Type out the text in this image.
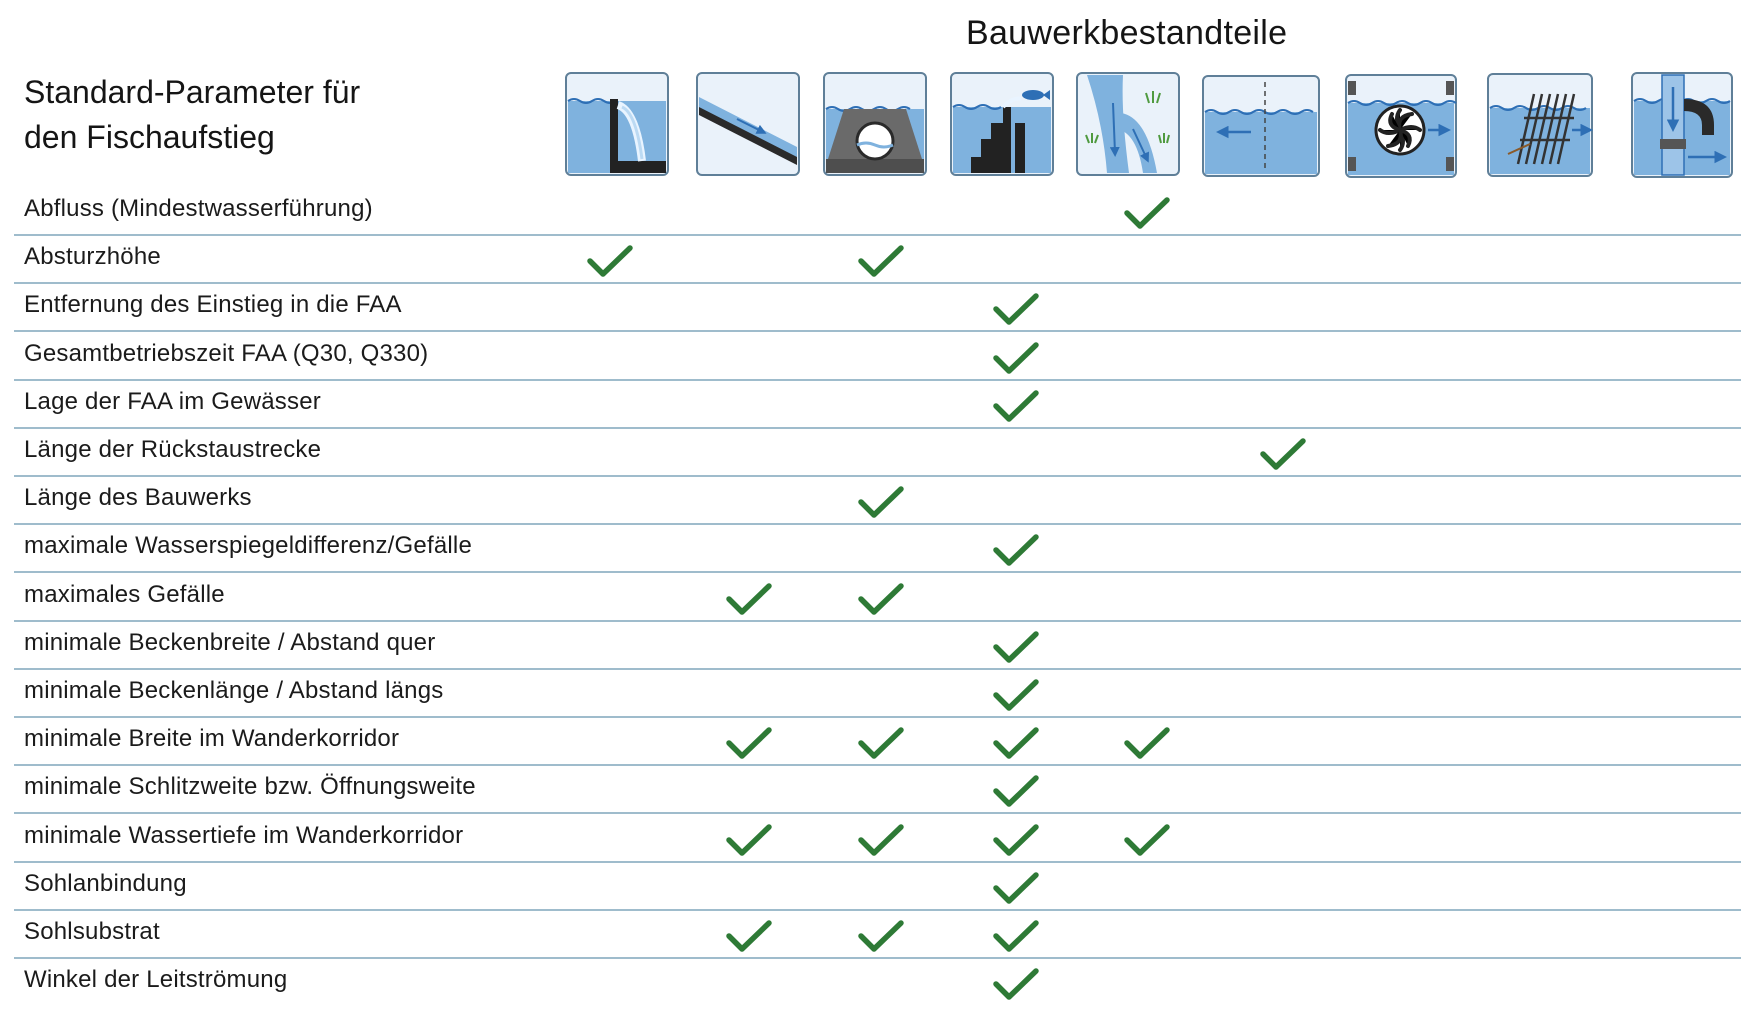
Bauwerkbestandteile
Standard-Parameter für
den Fischaufstieg
Abfluss (Mindestwasserführung)
Absturzhöhe
Entfernung des Einstieg in die FAA
Gesamtbetriebszeit FAA (Q30, Q330)
Lage der FAA im Gewässer
Länge der Rückstaustrecke
Länge des Bauwerks
maximale Wasserspiegeldifferenz/Gefälle
maximales Gefälle
minimale Beckenbreite / Abstand quer
minimale Beckenlänge / Abstand längs
minimale Breite im Wanderkorridor
minimale Schlitzweite bzw. Öffnungsweite
minimale Wassertiefe im Wanderkorridor
Sohlanbindung
Sohlsubstrat
Winkel der Leitströmung
